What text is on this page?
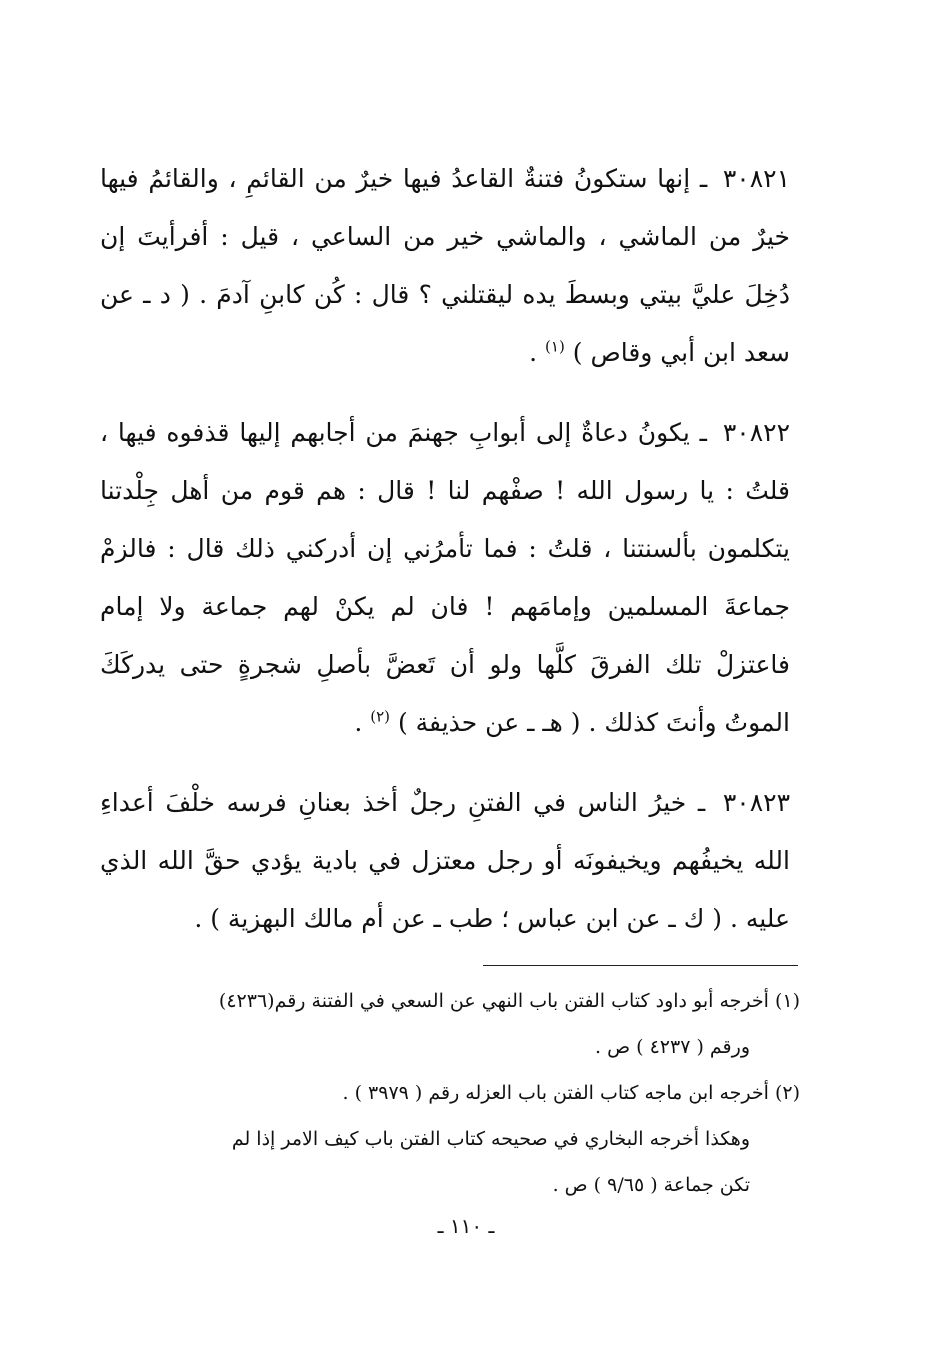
٣٠٨٢١ ـ إنها ستكونُ فتنةٌ القاعدُ فيها خيرٌ من القائمِ ، والقائمُ فيها خيرٌ من الماشي ، والماشي خير من الساعي ، قيل : أفرأيتَ إن دُخِلَ عليَّ بيتي وبسطَ يده ليقتلني ؟ قال : كُن كابنِ آدمَ . ( د ـ عن سعد ابن أبي وقاص ) $^{(١)}$ .

٣٠٨٢٢ ـ يكونُ دعاةٌ إلى أبوابِ جهنمَ من أجابهم إليها قذفوه فيها ، قلتُ : يا رسول الله ! صفْهم لنا ! قال : هم قوم من أهل جِلْدتنا يتكلمون بألسنتنا ، قلتُ : فما تأمرُني إن أدركني ذلك قال : فالزمْ جماعةَ المسلمين وإمامَهم ! فان لم يكنْ لهم جماعة ولا إمام فاعتزلْ تلك الفرقَ كلَّها ولو أن تَعضَّ بأصلِ شجرةٍ حتى يدركَكَ الموتُ وأنتَ كذلك . ( هـ ـ عن حذيفة ) $^{(٢)}$ .

٣٠٨٢٣ ـ خيرُ الناس في الفتنِ رجلٌ أخذ بعنانِ فرسه خلْفَ أعداءِ الله يخيفُهم ويخيفونَه أو رجل معتزل في بادية يؤدي حقَّ الله الذي عليه . ( ك ـ عن ابن عباس ؛ طب ـ عن أم مالك البهزية ) .

(١) أخرجه أبو داود كتاب الفتن باب النهي عن السعي في الفتنة رقم(٤٢٣٦)

ورقم ( ٤٢٣٧ ) ص .

(٢) أخرجه ابن ماجه كتاب الفتن باب العزله رقم ( ٣٩٧٩ ) .

وهكذا أخرجه البخاري في صحيحه كتاب الفتن باب كيف الامر إذا لم

تكن جماعة ( ٩/٦٥ ) ص .

ـ ١١٠ ـ
